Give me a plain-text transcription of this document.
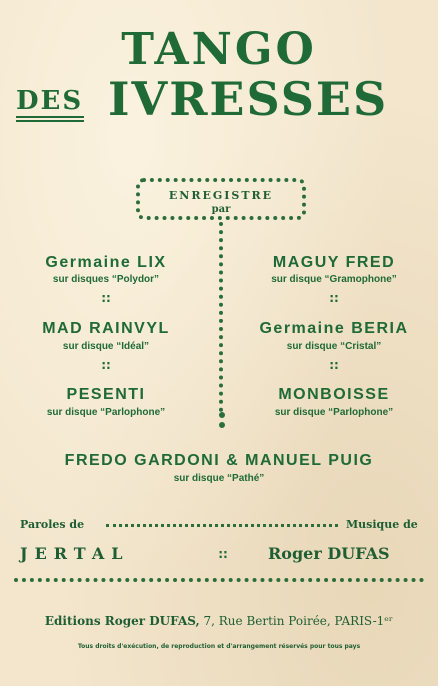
TANGO
DES IVRESSES
ENREGISTRE
par
Germaine LIX
sur disques “Polydor”
::
MAGUY FRED
sur disque “Gramophone”
::
MAD RAINVYL
sur disque “Idéal”
::
Germaine BERIA
sur disque “Cristal”
::
PESENTI
sur disque “Parlophone”
MONBOISSE
sur disque “Parlophone”
FREDO GARDONI & MANUEL PUIG
sur disque “Pathé”
Paroles de	Musique de
JERTAL	::	Roger DUFAS
Editions Roger DUFAS, 7, Rue Bertin Poirée, PARIS-1ᵉʳ
Tous droits d'exécution, de reproduction et d'arrangement réservés pour tous pays
